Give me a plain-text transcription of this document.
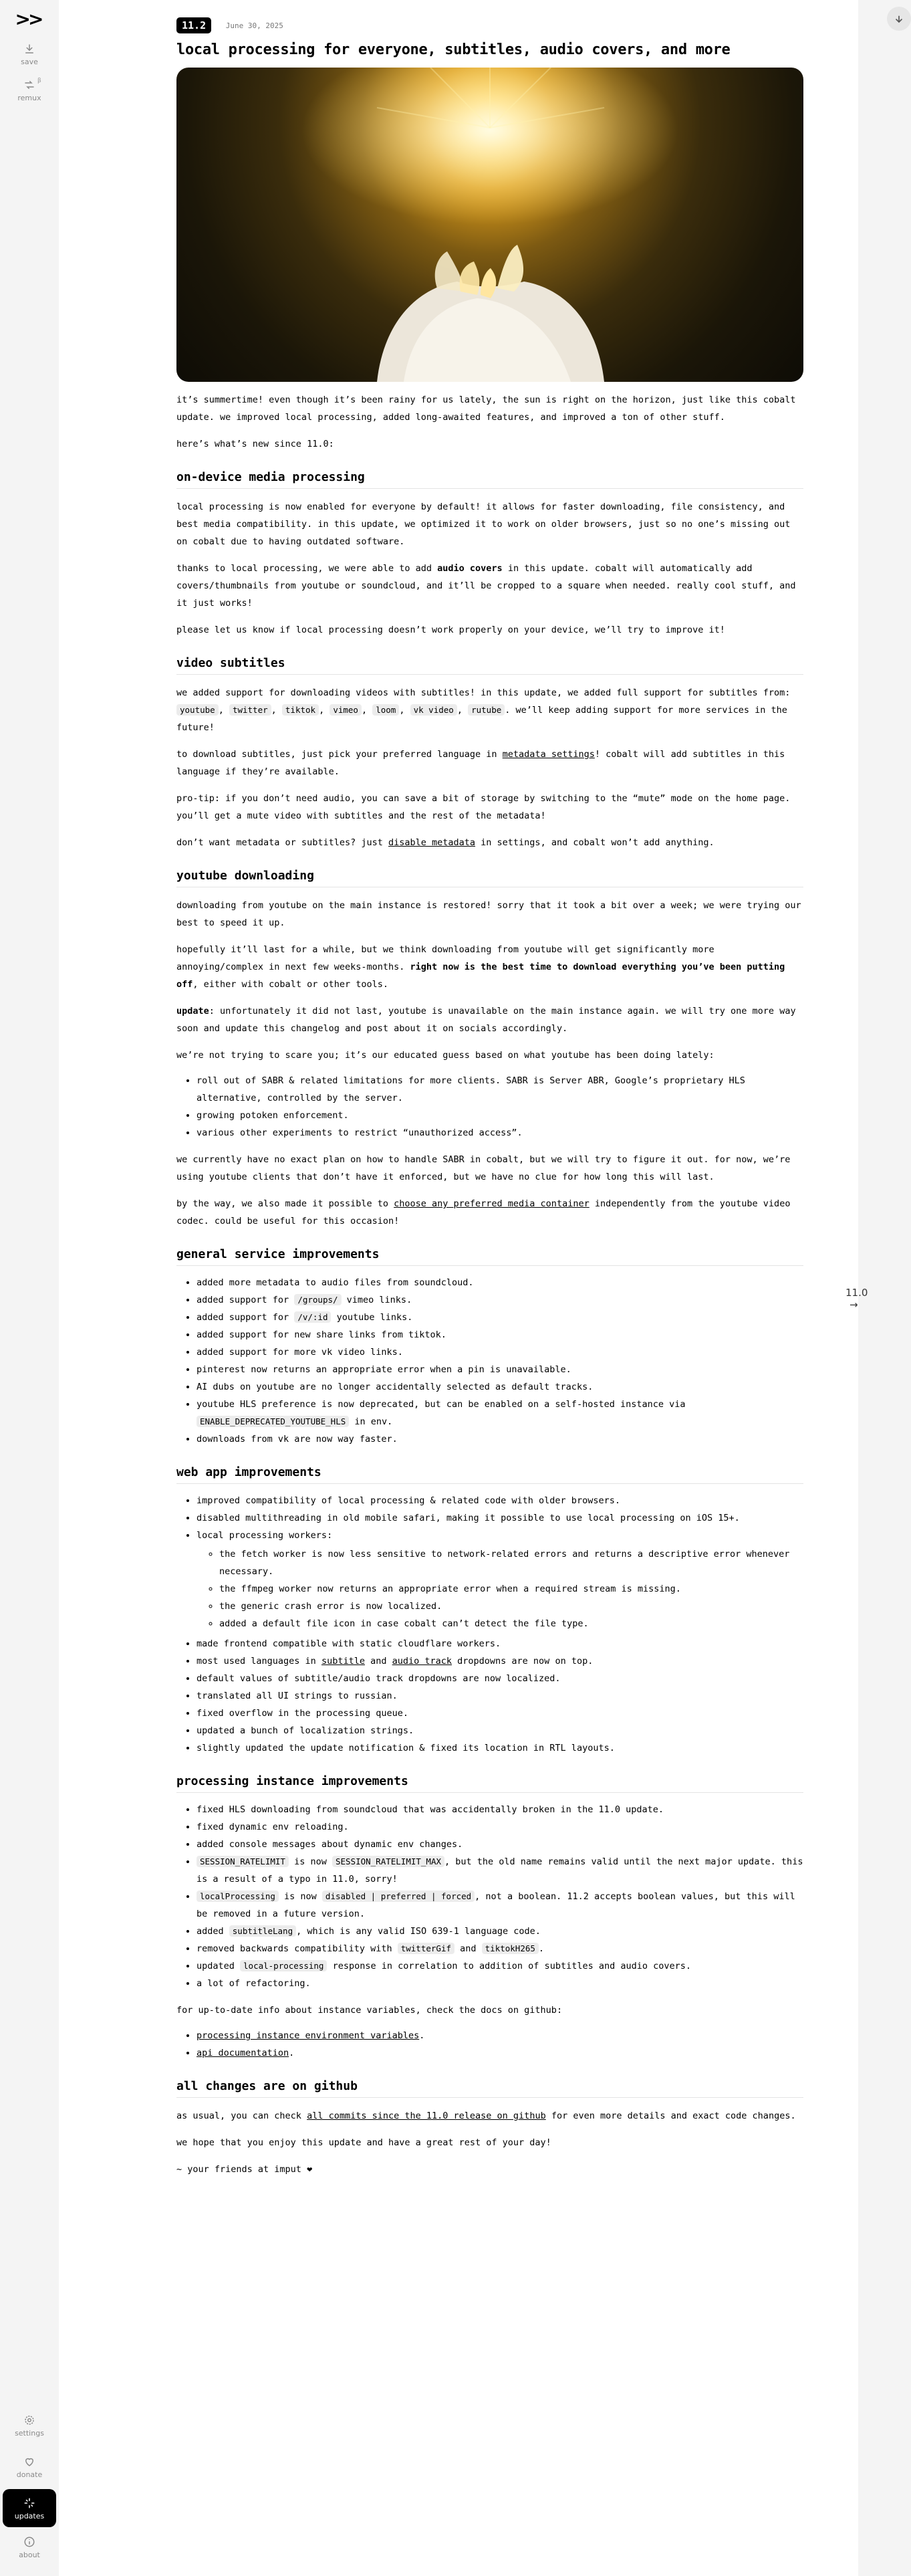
>>
save
β
remux
settings
donate
updates
about
11.2	June 30, 2025
local processing for everyone, subtitles, audio covers, and more

it’s summertime! even though it’s been rainy for us lately, the sun is right on the horizon, just like this cobalt update. we improved local processing, added long-awaited features, and improved a ton of other stuff.

here’s what’s new since 11.0:

on-device media processing

local processing is now enabled for everyone by default! it allows for faster downloading, file consistency, and best media compatibility. in this update, we optimized it to work on older browsers, just so no one’s missing out on cobalt due to having outdated software.

thanks to local processing, we were able to add audio covers in this update. cobalt will automatically add covers/thumbnails from youtube or soundcloud, and it’ll be cropped to a square when needed. really cool stuff, and it just works!

please let us know if local processing doesn’t work properly on your device, we’ll try to improve it!

video subtitles

we added support for downloading videos with subtitles! in this update, we added full support for subtitles from: youtube , twitter , tiktok , vimeo , loom , vk video , rutube . we’ll keep adding support for more services in the future!

to download subtitles, just pick your preferred language in metadata settings! cobalt will add subtitles in this language if they’re available.

pro-tip: if you don’t need audio, you can save a bit of storage by switching to the “mute” mode on the home page. you’ll get a mute video with subtitles and the rest of the metadata!

don’t want metadata or subtitles? just disable metadata in settings, and cobalt won’t add anything.

youtube downloading

downloading from youtube on the main instance is restored! sorry that it took a bit over a week; we were trying our best to speed it up.

hopefully it’ll last for a while, but we think downloading from youtube will get significantly more annoying/complex in next few weeks-months. right now is the best time to download everything you’ve been putting off, either with cobalt or other tools.

update: unfortunately it did not last, youtube is unavailable on the main instance again. we will try one more way soon and update this changelog and post about it on socials accordingly.

we’re not trying to scare you; it’s our educated guess based on what youtube has been doing lately:

• roll out of SABR & related limitations for more clients. SABR is Server ABR, Google’s proprietary HLS alternative, controlled by the server.
• growing potoken enforcement.
• various other experiments to restrict “unauthorized access”.

we currently have no exact plan on how to handle SABR in cobalt, but we will try to figure it out. for now, we’re using youtube clients that don’t have it enforced, but we have no clue for how long this will last.

by the way, we also made it possible to choose any preferred media container independently from the youtube video codec. could be useful for this occasion!

general service improvements
• added more metadata to audio files from soundcloud.
• added support for /groups/ vimeo links.
• added support for /v/:id youtube links.
• added support for new share links from tiktok.
• added support for more vk video links.
• pinterest now returns an appropriate error when a pin is unavailable.
• AI dubs on youtube are no longer accidentally selected as default tracks.
• youtube HLS preference is now deprecated, but can be enabled on a self-hosted instance via ENABLE_DEPRECATED_YOUTUBE_HLS in env.
• downloads from vk are now way faster.
web app improvements
• improved compatibility of local processing & related code with older browsers.
• disabled multithreading in old mobile safari, making it possible to use local processing on iOS 15+.
• local processing workers:
◦ the fetch worker is now less sensitive to network-related errors and returns a descriptive error whenever necessary.
◦ the ffmpeg worker now returns an appropriate error when a required stream is missing.
◦ the generic crash error is now localized.
◦ added a default file icon in case cobalt can’t detect the file type.
• made frontend compatible with static cloudflare workers.
• most used languages in subtitle and audio track dropdowns are now on top.
• default values of subtitle/audio track dropdowns are now localized.
• translated all UI strings to russian.
• fixed overflow in the processing queue.
• updated a bunch of localization strings.
• slightly updated the update notification & fixed its location in RTL layouts.
processing instance improvements
• fixed HLS downloading from soundcloud that was accidentally broken in the 11.0 update.
• fixed dynamic env reloading.
• added console messages about dynamic env changes.
• SESSION_RATELIMIT is now SESSION_RATELIMIT_MAX , but the old name remains valid until the next major update. this is a result of a typo in 11.0, sorry!
• localProcessing is now disabled | preferred | forced , not a boolean. 11.2 accepts boolean values, but this will be removed in a future version.
• added subtitleLang , which is any valid ISO 639-1 language code.
• removed backwards compatibility with twitterGif and tiktokH265 .
• updated local-processing response in correlation to addition of subtitles and audio covers.
• a lot of refactoring.

for up-to-date info about instance variables, check the docs on github:

• processing instance environment variables.
• api documentation.
all changes are on github

as usual, you can check all commits since the 11.0 release on github for even more details and exact code changes.

we hope that you enjoy this update and have a great rest of your day!

~ your friends at imput ❤

11.0 →
